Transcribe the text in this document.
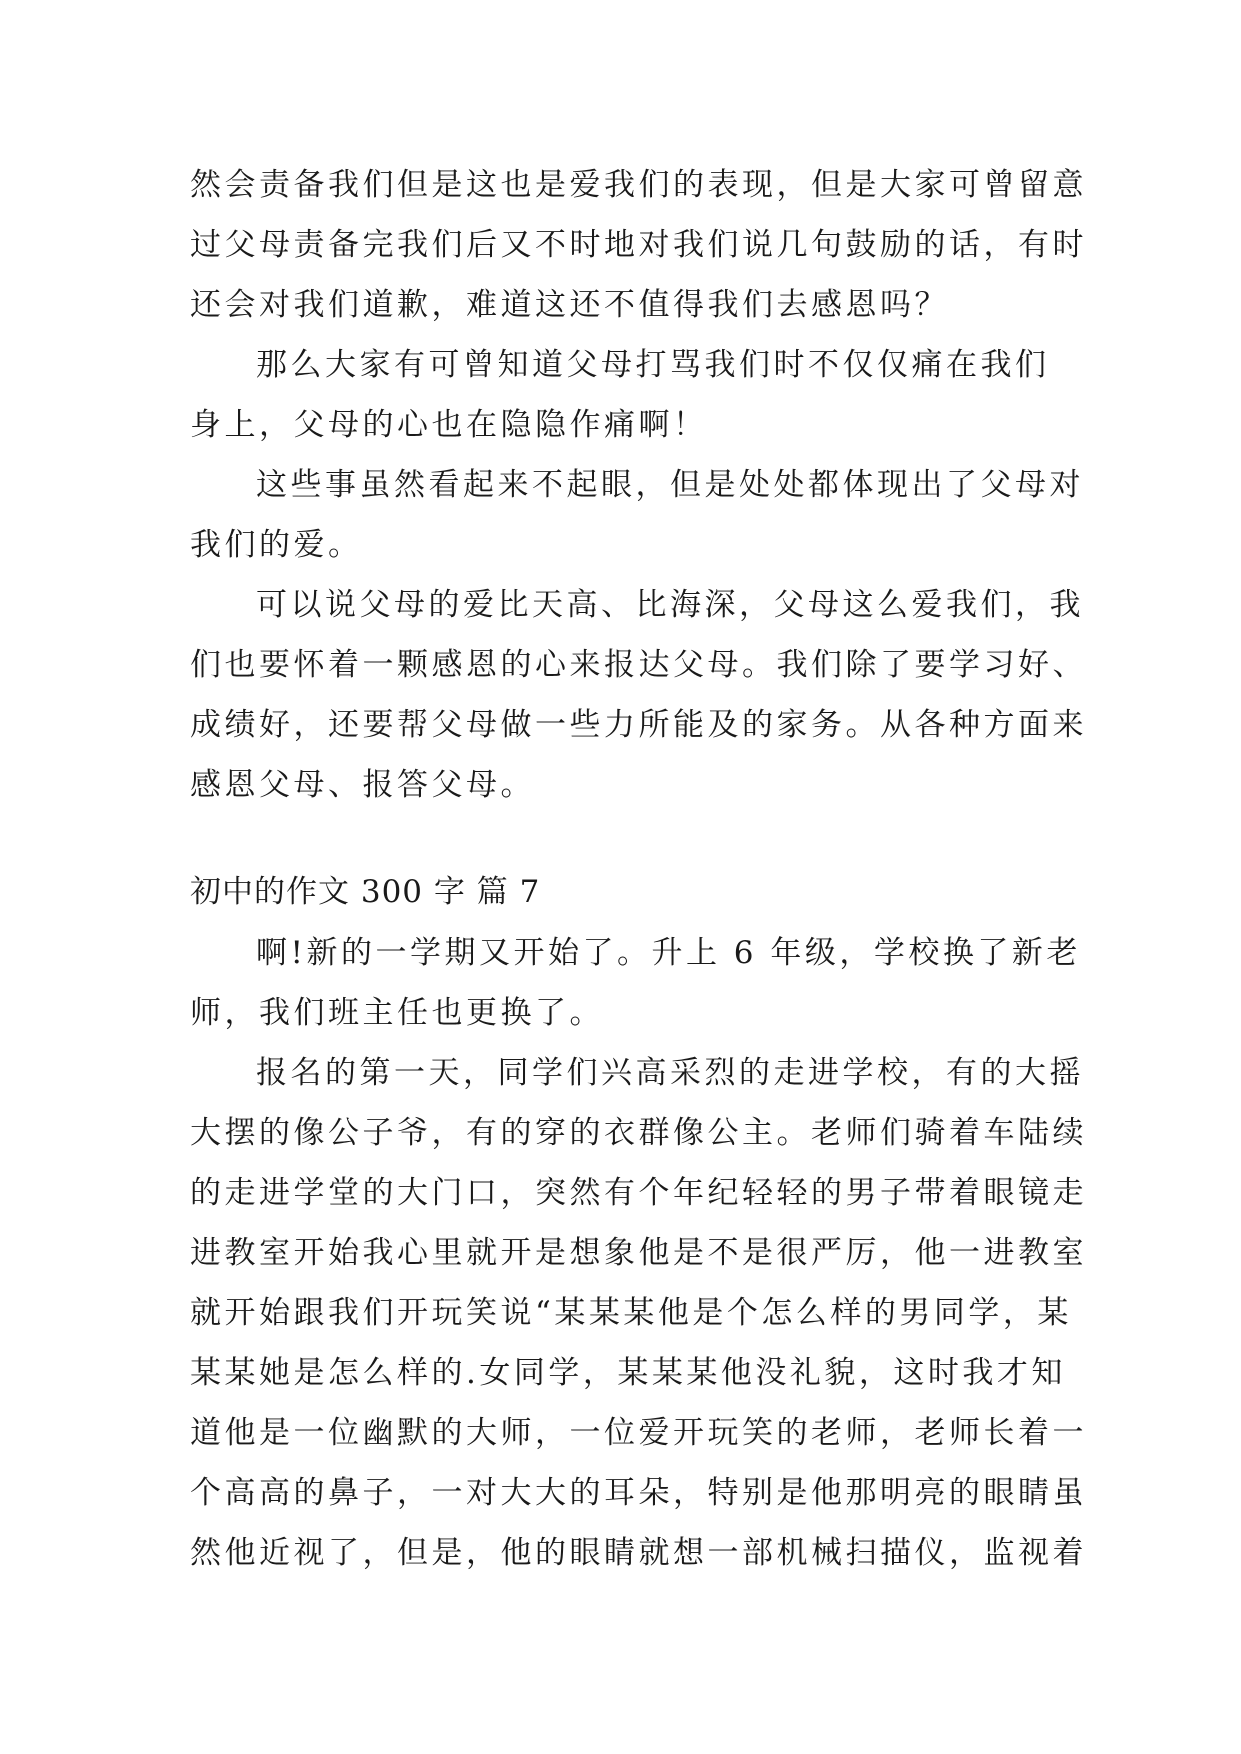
然会责备我们但是这也是爱我们的表现，但是大家可曾留意
过父母责备完我们后又不时地对我们说几句鼓励的话，有时
还会对我们道歉，难道这还不值得我们去感恩吗？
那么大家有可曾知道父母打骂我们时不仅仅痛在我们
身上，父母的心也在隐隐作痛啊！
这些事虽然看起来不起眼，但是处处都体现出了父母对
我们的爱。
可以说父母的爱比天高、比海深，父母这么爱我们，我
们也要怀着一颗感恩的心来报达父母。我们除了要学习好、
成绩好，还要帮父母做一些力所能及的家务。从各种方面来
感恩父母、报答父母。
初中的作文 300 字 篇 7
啊!新的一学期又开始了。升上 6 年级，学校换了新老
师，我们班主任也更换了。
报名的第一天，同学们兴高采烈的走进学校，有的大摇
大摆的像公子爷，有的穿的衣群像公主。老师们骑着车陆续
的走进学堂的大门口，突然有个年纪轻轻的男子带着眼镜走
进教室开始我心里就开是想象他是不是很严厉，他一进教室
就开始跟我们开玩笑说“某某某他是个怎么样的男同学，某
某某她是怎么样的.女同学，某某某他没礼貌，这时我才知
道他是一位幽默的大师，一位爱开玩笑的老师，老师长着一
个高高的鼻子，一对大大的耳朵，特别是他那明亮的眼睛虽
然他近视了，但是，他的眼睛就想一部机械扫描仪，监视着
